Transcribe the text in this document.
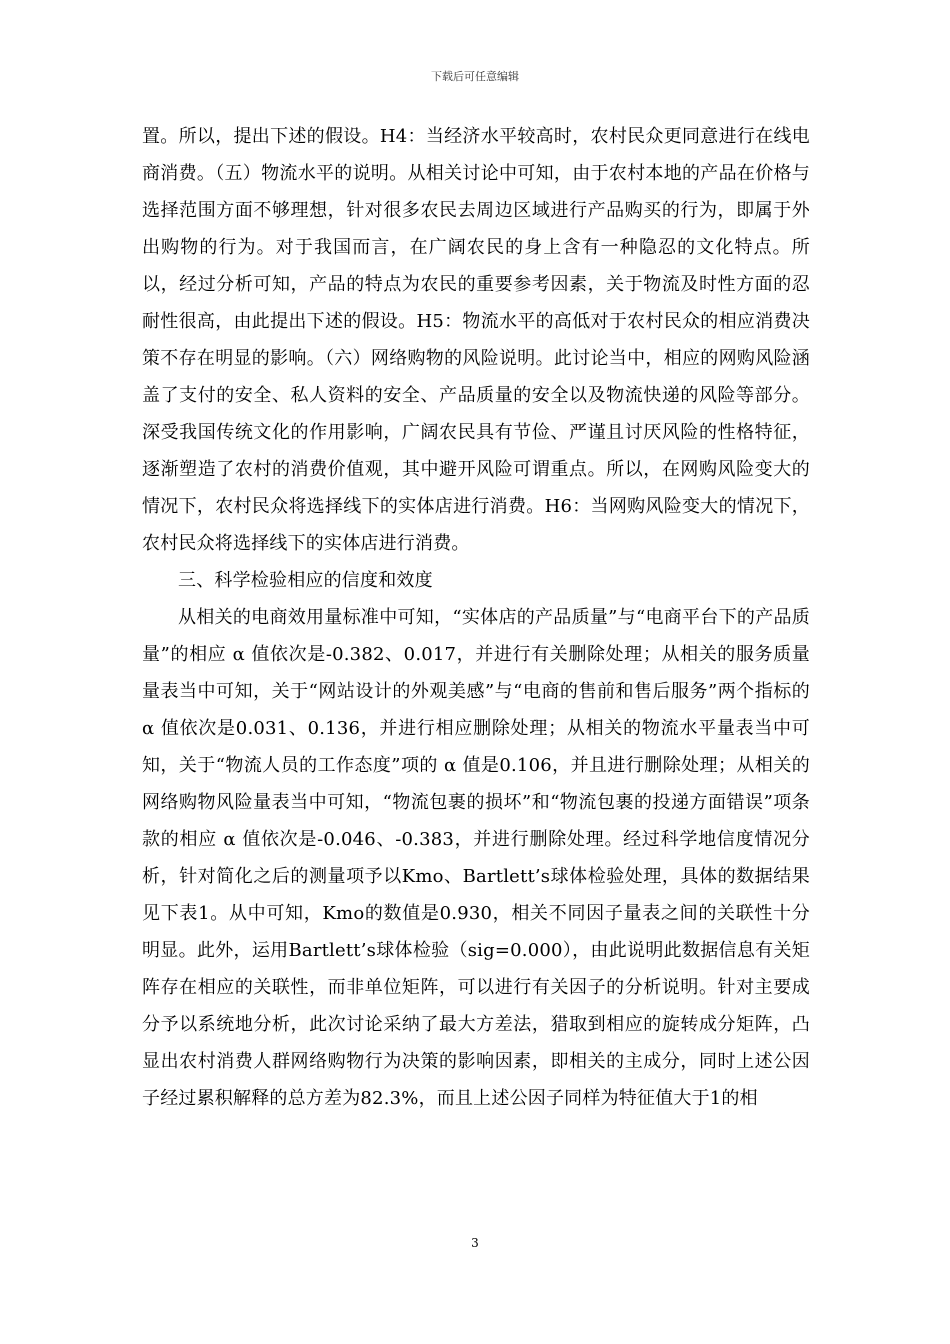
下载后可任意编辑

置。所以，提出下述的假设。H4：当经济水平较高时，农村民众更同意进行在线电商消费。（五）物流水平的说明。从相关讨论中可知，由于农村本地的产品在价格与选择范围方面不够理想，针对很多农民去周边区域进行产品购买的行为，即属于外出购物的行为。对于我国而言，在广阔农民的身上含有一种隐忍的文化特点。所以，经过分析可知，产品的特点为农民的重要参考因素，关于物流及时性方面的忍耐性很高，由此提出下述的假设。H5：物流水平的高低对于农村民众的相应消费决策不存在明显的影响。（六）网络购物的风险说明。此讨论当中，相应的网购风险涵盖了支付的安全、私人资料的安全、产品质量的安全以及物流快递的风险等部分。深受我国传统文化的作用影响，广阔农民具有节俭、严谨且讨厌风险的性格特征，逐渐塑造了农村的消费价值观，其中避开风险可谓重点。所以，在网购风险变大的情况下，农村民众将选择线下的实体店进行消费。H6：当网购风险变大的情况下，农村民众将选择线下的实体店进行消费。

三、科学检验相应的信度和效度

从相关的电商效用量标准中可知，“实体店的产品质量”与“电商平台下的产品质量”的相应 α 值依次是-0.382、0.017，并进行有关删除处理；从相关的服务质量量表当中可知，关于“网站设计的外观美感”与“电商的售前和售后服务”两个指标的 α 值依次是0.031、0.136，并进行相应删除处理；从相关的物流水平量表当中可知，关于“物流人员的工作态度”项的 α 值是0.106，并且进行删除处理；从相关的网络购物风险量表当中可知，“物流包裹的损坏”和“物流包裹的投递方面错误”项条款的相应 α 值依次是-0.046、-0.383，并进行删除处理。经过科学地信度情况分析，针对简化之后的测量项予以Kmo、Bartlett’s球体检验处理，具体的数据结果见下表1。从中可知，Kmo的数值是0.930，相关不同因子量表之间的关联性十分明显。此外，运用Bartlett’s球体检验（sig=0.000），由此说明此数据信息有关矩阵存在相应的关联性，而非单位矩阵，可以进行有关因子的分析说明。针对主要成分予以系统地分析，此次讨论采纳了最大方差法，猎取到相应的旋转成分矩阵，凸显出农村消费人群网络购物行为决策的影响因素，即相关的主成分，同时上述公因子经过累积解释的总方差为82.3%，而且上述公因子同样为特征值大于1的相

3
